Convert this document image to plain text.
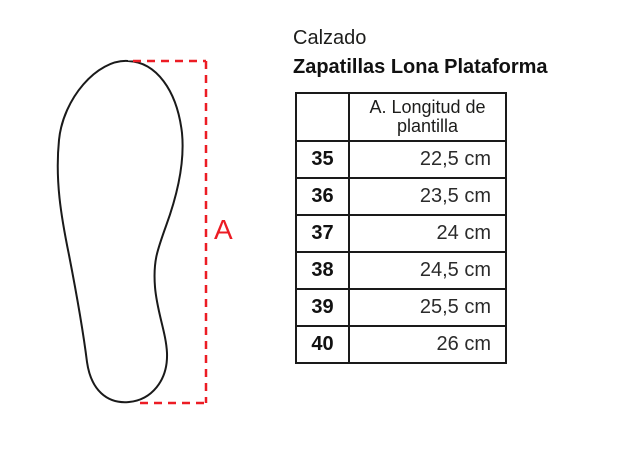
A
Calzado
Zapatillas Lona Plataforma
	A. Longitud de plantilla
35	22,5 cm
36	23,5 cm
37	24 cm
38	24,5 cm
39	25,5 cm
40	26 cm
